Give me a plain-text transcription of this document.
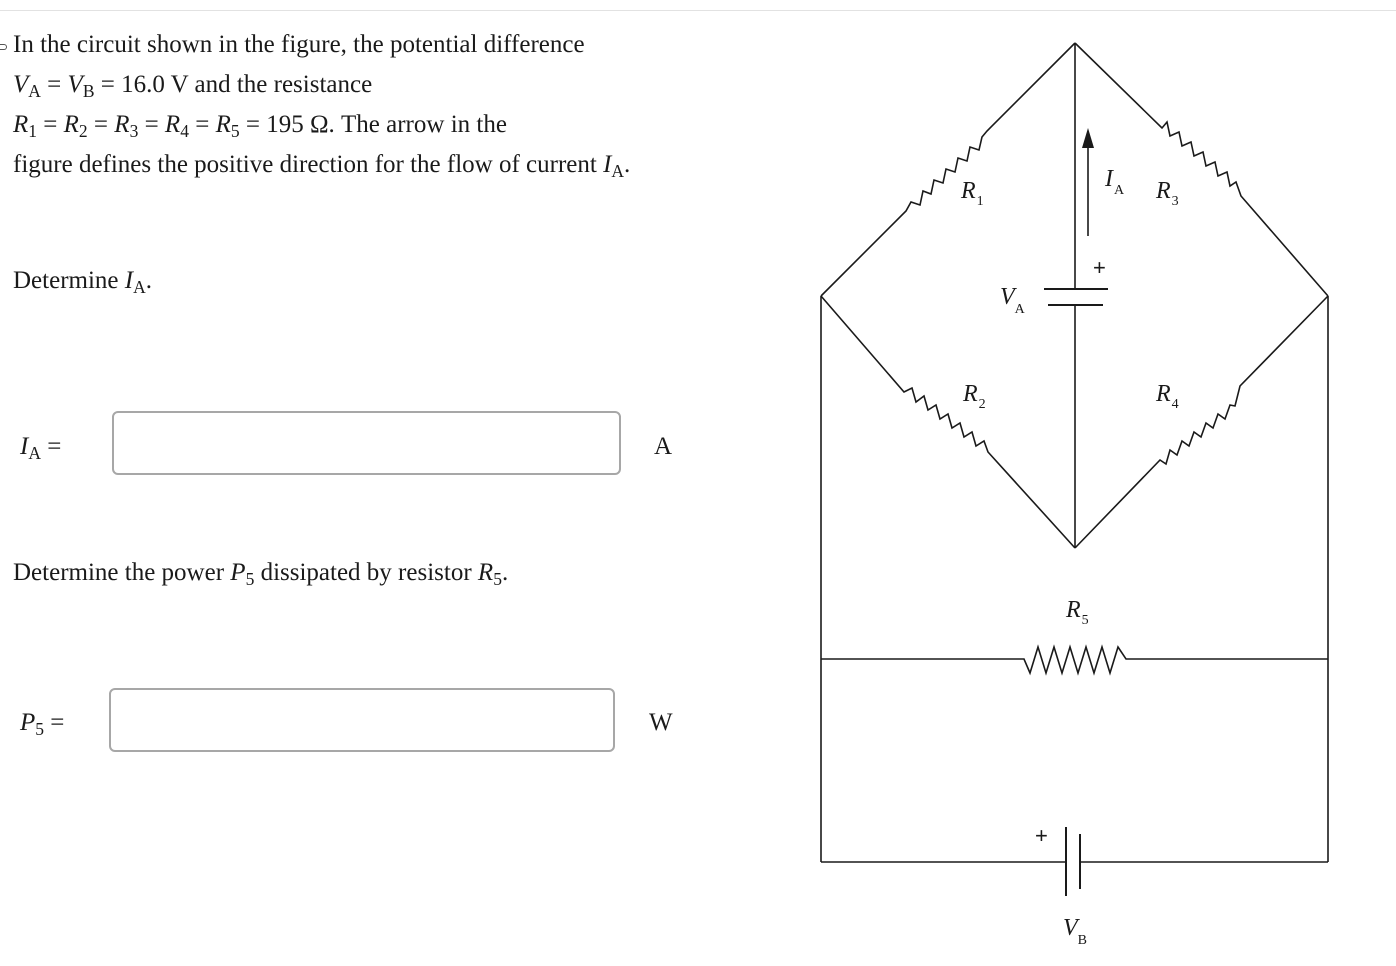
In the circuit shown in the figure, the potential difference
$V_A = V_B = 16.0$ V and the resistance
$R_1 = R_2 = R_3 = R_4 = R_5 = 195$ Ω. The arrow in the
figure defines the positive direction for the flow of current $I_A$.
Determine $I_A$.
$I_A$ =	A
Determine the power $P_5$ dissipated by resistor $R_5$.
$P_5$ =	W
$R_1$	$R_3$
$R_2$	$R_4$
$R_5$
$V_A$
$V_B$
$I_A$
+
+
